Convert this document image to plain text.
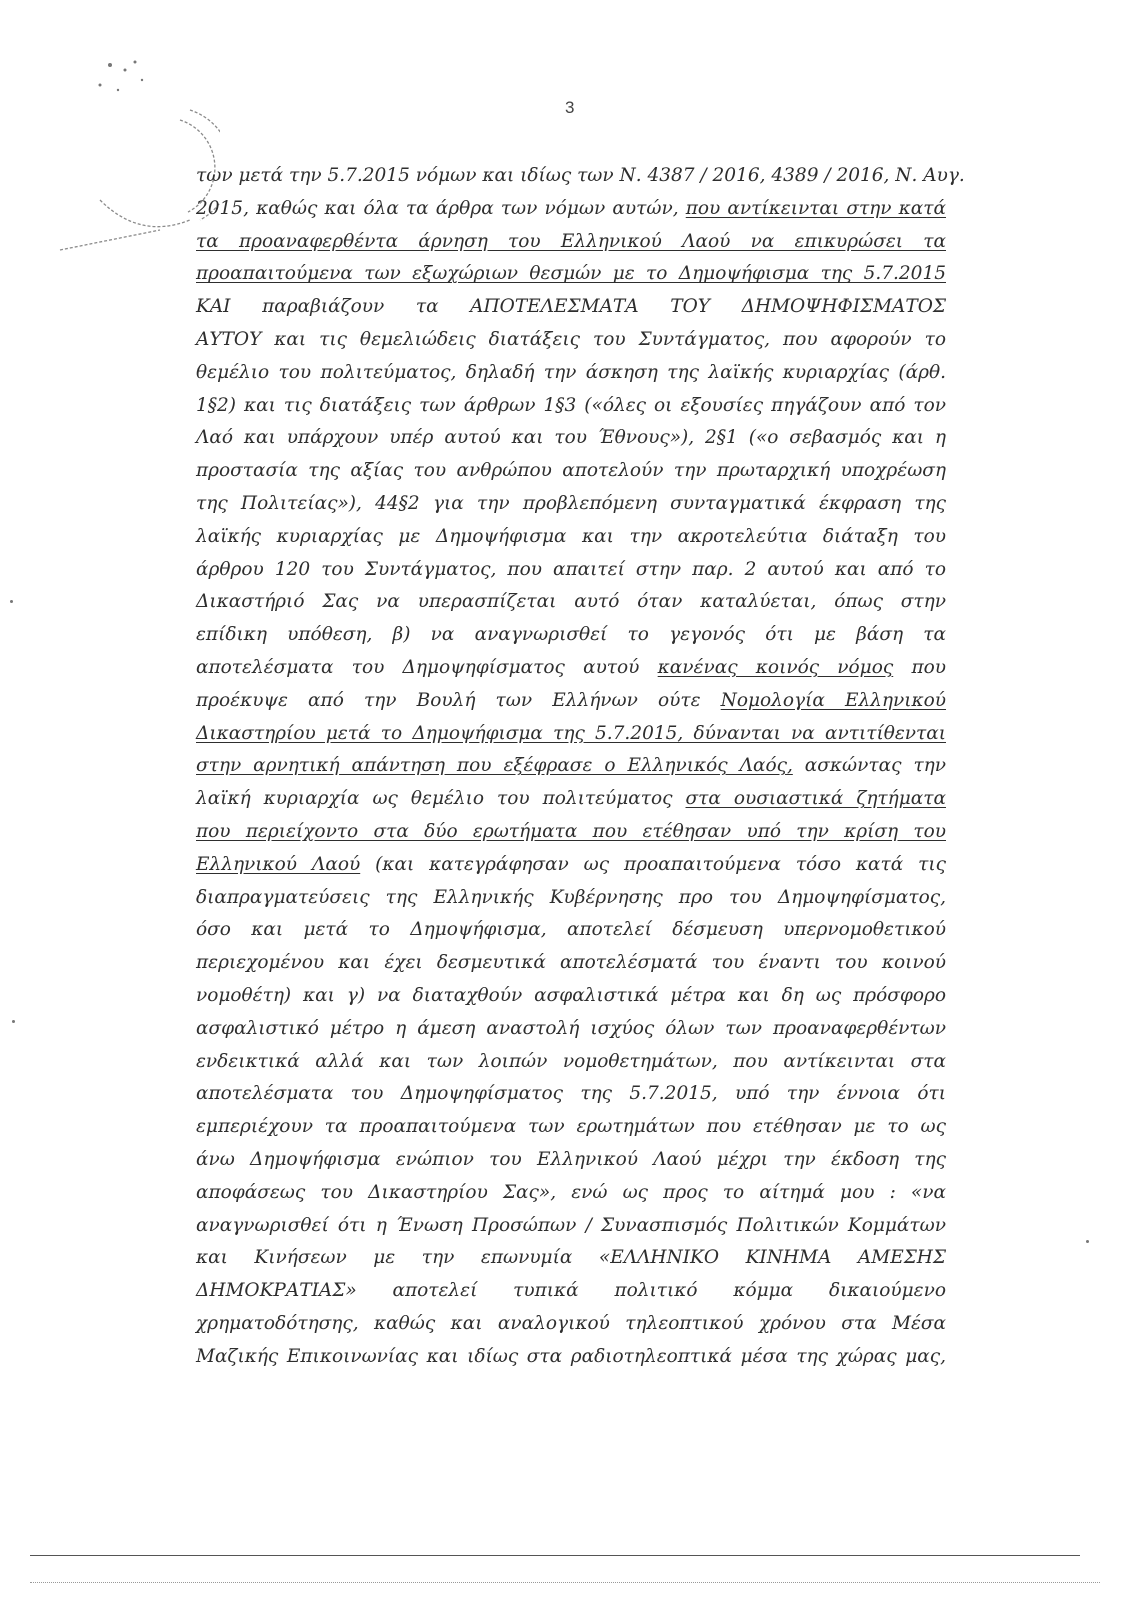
3
των μετά την 5.7.2015 νόμων και ιδίως των Ν. 4387 / 2016, 4389 / 2016, Ν. Αυγ.
2015, καθώς και όλα τα άρθρα των νόμων αυτών, που αντίκεινται στην κατά
τα προαναφερθέντα άρνηση του Ελληνικού Λαού να επικυρώσει τα
προαπαιτούμενα των εξωχώριων θεσμών με το Δημοψήφισμα της 5.7.2015
ΚΑΙ παραβιάζουν τα ΑΠΟΤΕΛΕΣΜΑΤΑ ΤΟΥ ΔΗΜΟΨΗΦΙΣΜΑΤΟΣ
ΑΥΤΟΥ και τις θεμελιώδεις διατάξεις του Συντάγματος, που αφορούν το
θεμέλιο του πολιτεύματος, δηλαδή την άσκηση της λαϊκής κυριαρχίας (άρθ.
1§2) και τις διατάξεις των άρθρων 1§3 («όλες οι εξουσίες πηγάζουν από τον
Λαό και υπάρχουν υπέρ αυτού και του Έθνους»), 2§1 («ο σεβασμός και η
προστασία της αξίας του ανθρώπου αποτελούν την πρωταρχική υποχρέωση
της Πολιτείας»), 44§2 για την προβλεπόμενη συνταγματικά έκφραση της
λαϊκής κυριαρχίας με Δημοψήφισμα και την ακροτελεύτια διάταξη του
άρθρου 120 του Συντάγματος, που απαιτεί στην παρ. 2 αυτού και από το
Δικαστήριό Σας να υπερασπίζεται αυτό όταν καταλύεται, όπως στην
επίδικη υπόθεση, β) να αναγνωρισθεί το γεγονός ότι με βάση τα
αποτελέσματα του Δημοψηφίσματος αυτού κανένας κοινός νόμος που
προέκυψε από την Βουλή των Ελλήνων ούτε Νομολογία Ελληνικού
Δικαστηρίου μετά το Δημοψήφισμα της 5.7.2015, δύνανται να αντιτίθενται
στην αρνητική απάντηση που εξέφρασε ο Ελληνικός Λαός, ασκώντας την
λαϊκή κυριαρχία ως θεμέλιο του πολιτεύματος στα ουσιαστικά ζητήματα
που περιείχοντο στα δύο ερωτήματα που ετέθησαν υπό την κρίση του
Ελληνικού Λαού (και κατεγράφησαν ως προαπαιτούμενα τόσο κατά τις
διαπραγματεύσεις της Ελληνικής Κυβέρνησης προ του Δημοψηφίσματος,
όσο και μετά το Δημοψήφισμα, αποτελεί δέσμευση υπερνομοθετικού
περιεχομένου και έχει δεσμευτικά αποτελέσματά του έναντι του κοινού
νομοθέτη) και γ) να διαταχθούν ασφαλιστικά μέτρα και δη ως πρόσφορο
ασφαλιστικό μέτρο η άμεση αναστολή ισχύος όλων των προαναφερθέντων
ενδεικτικά αλλά και των λοιπών νομοθετημάτων, που αντίκεινται στα
αποτελέσματα του Δημοψηφίσματος της 5.7.2015, υπό την έννοια ότι
εμπεριέχουν τα προαπαιτούμενα των ερωτημάτων που ετέθησαν με το ως
άνω Δημοψήφισμα ενώπιον του Ελληνικού Λαού μέχρι την έκδοση της
αποφάσεως του Δικαστηρίου Σας», ενώ ως προς το αίτημά μου : «να
αναγνωρισθεί ότι η Ένωση Προσώπων / Συνασπισμός Πολιτικών Κομμάτων
και Κινήσεων με την επωνυμία «ΕΛΛΗΝΙΚΟ ΚΙΝΗΜΑ ΑΜΕΣΗΣ
ΔΗΜΟΚΡΑΤΙΑΣ» αποτελεί τυπικά πολιτικό κόμμα δικαιούμενο
χρηματοδότησης, καθώς και αναλογικού τηλεοπτικού χρόνου στα Μέσα
Μαζικής Επικοινωνίας και ιδίως στα ραδιοτηλεοπτικά μέσα της χώρας μας,
